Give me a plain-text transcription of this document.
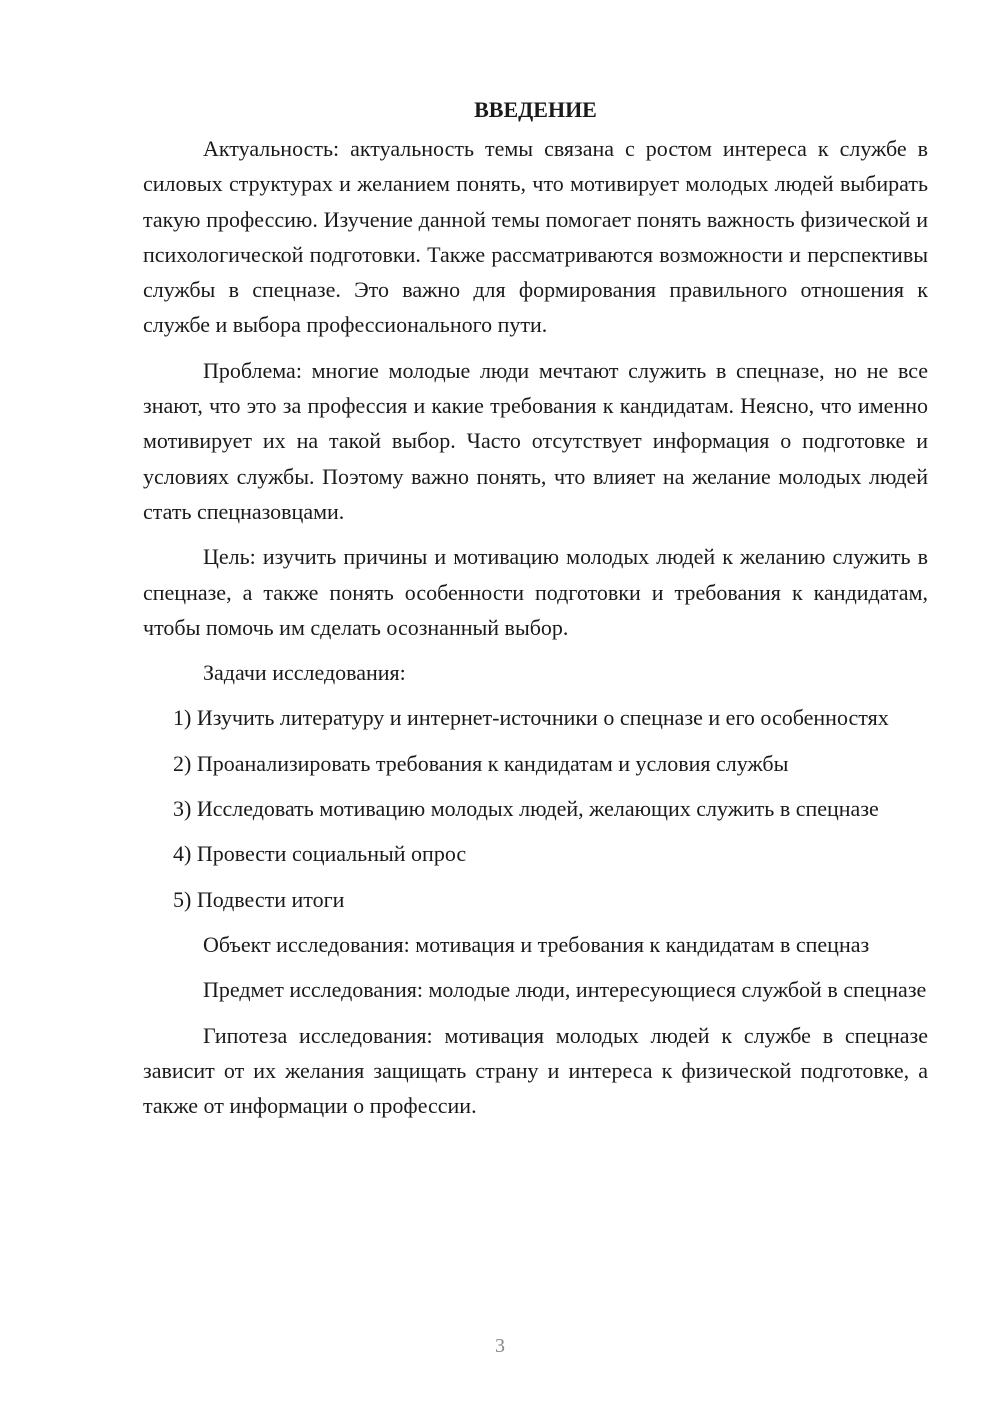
ВВЕДЕНИЕ

Актуальность: актуальность темы связана с ростом интереса к службе в силовых структурах и желанием понять, что мотивирует молодых людей выбирать такую профессию. Изучение данной темы помогает понять важность физической и психологической подготовки. Также рассматриваются возможности и перспективы службы в спецназе. Это важно для формирования правильного отношения к службе и выбора профессионального пути.

Проблема: многие молодые люди мечтают служить в спецназе, но не все знают, что это за профессия и какие требования к кандидатам. Неясно, что именно мотивирует их на такой выбор. Часто отсутствует информация о подготовке и условиях службы. Поэтому важно понять, что влияет на желание молодых людей стать спецназовцами.

Цель: изучить причины и мотивацию молодых людей к желанию служить в спецназе, а также понять особенности подготовки и требования к кандидатам, чтобы помочь им сделать осознанный выбор.

Задачи исследования:

1) Изучить литературу и интернет-источники о спецназе и его особенностях

2) Проанализировать требования к кандидатам и условия службы

3) Исследовать мотивацию молодых людей, желающих служить в спецназе

4) Провести социальный опрос

5) Подвести итоги

Объект исследования: мотивация и требования к кандидатам в спецназ

Предмет исследования: молодые люди, интересующиеся службой в спецназе

Гипотеза исследования: мотивация молодых людей к службе в спецназе зависит от их желания защищать страну и интереса к физической подготовке, а также от информации о профессии.

3
